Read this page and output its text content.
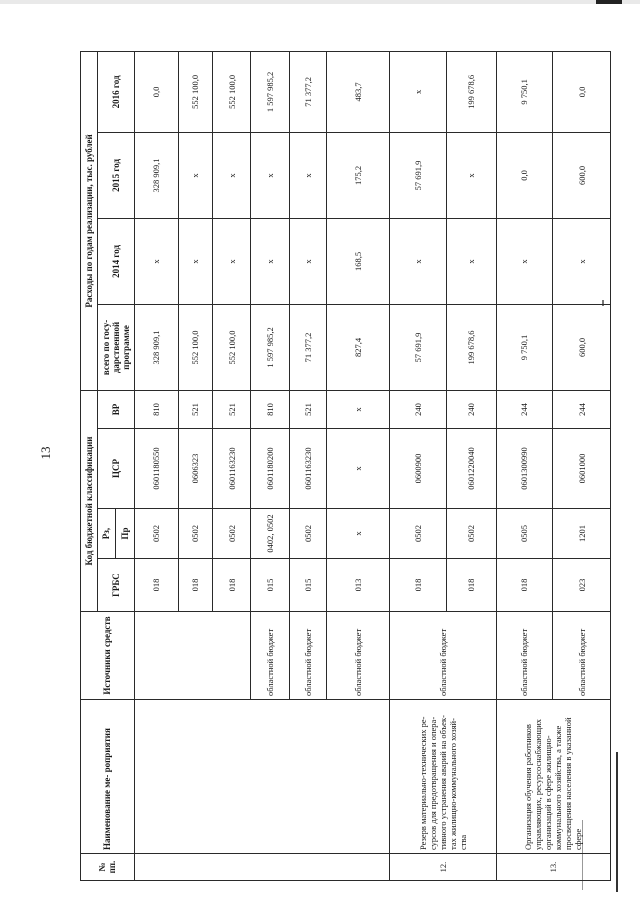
13
№ пп.	Наименование ме- роприятия	Источники средств	Код бюджетной классификации				Расходы по годам реализации, тыс. рублей			
			ГРБС	Рз,	ЦСР	ВР	всего по госу- дарственной программе	2014 год	2015 год	2016 год
				Пр						
			018	0502	0601180550	810	328 909,1	x	328 909,1	0,0
			018	0502	0606323	521	552 100,0	x	x	552 100,0
			018	0502	0601163230	521	552 100,0	x	x	552 100,0
		областной бюджет	015	0402, 0502	0601180200	810	1 597 985,2	x	x	1 597 985,2
		областной бюджет	015	0502	0601163230	521	71 377,2	x	x	71 377,2
		областной бюджет	013	x	x	x	827,4	168,5	175,2	483,7
12.	Резерв материально-технических ре- сурсов для предотвращения и опера- тивного устранения аварий на объек- тах жилищно-коммунального хозяй- ства	областной бюджет	018	0502	0600900	240	57 691,9	x	57 691,9	x
			018	0502	0601220040	240	199 678,6	x	x	199 678,6
13.	Организация обучения работников управляющих, ресурсоснабжающих организаций в сфере жилищно- коммунального хозяйства, а также просвещения населения в указанной сфере	областной бюджет	018	0505	0601300990	244	9 750,1	x	0,0	9 750,1
		областной бюджет	023	1201	0601000	244	600,0	x	600,0	0,0
